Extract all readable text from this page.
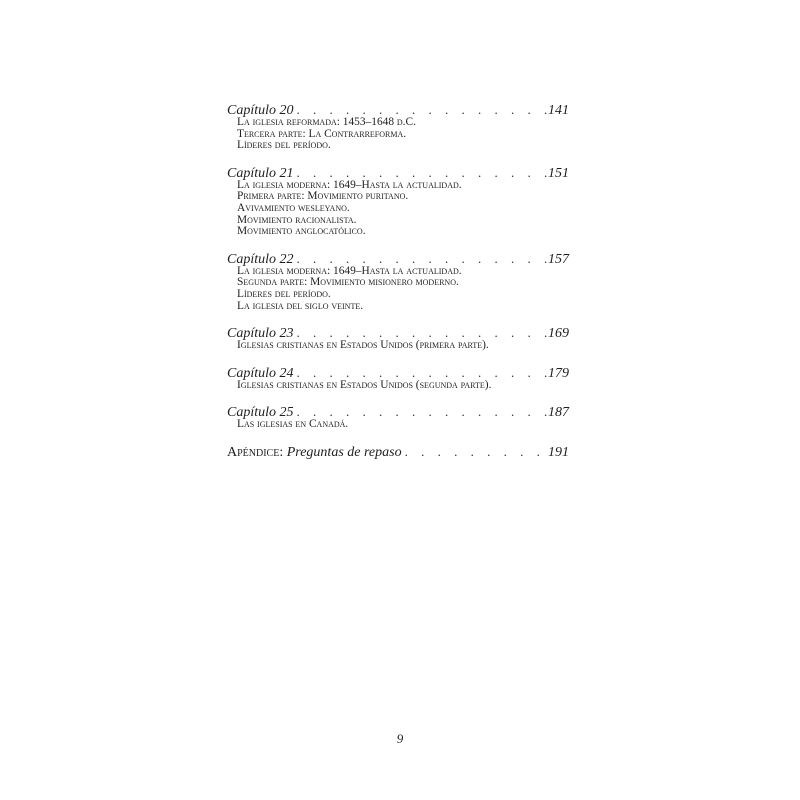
Capítulo 20 . . .	141
La iglesia reformada: 1453–1648 d.C.
Tercera parte: La Contrarreforma.
Líderes del período.
Capítulo 21 . . .	151
La iglesia moderna: 1649–Hasta la actualidad.
Primera parte: Movimiento puritano.
Avivamiento wesleyano.
Movimiento racionalista.
Movimiento anglocatólico.
Capítulo 22 . . .	157
La iglesia moderna: 1649–Hasta la actualidad.
Segunda parte: Movimiento misionero moderno.
Líderes del período.
La iglesia del siglo veinte.
Capítulo 23 . . .	169
Iglesias cristianas en Estados Unidos (primera parte).
Capítulo 24 . . .	179
Iglesias cristianas en Estados Unidos (segunda parte).
Capítulo 25 . . .	187
Las iglesias en Canadá.
Apéndice: Preguntas de repaso . . .	191
9
